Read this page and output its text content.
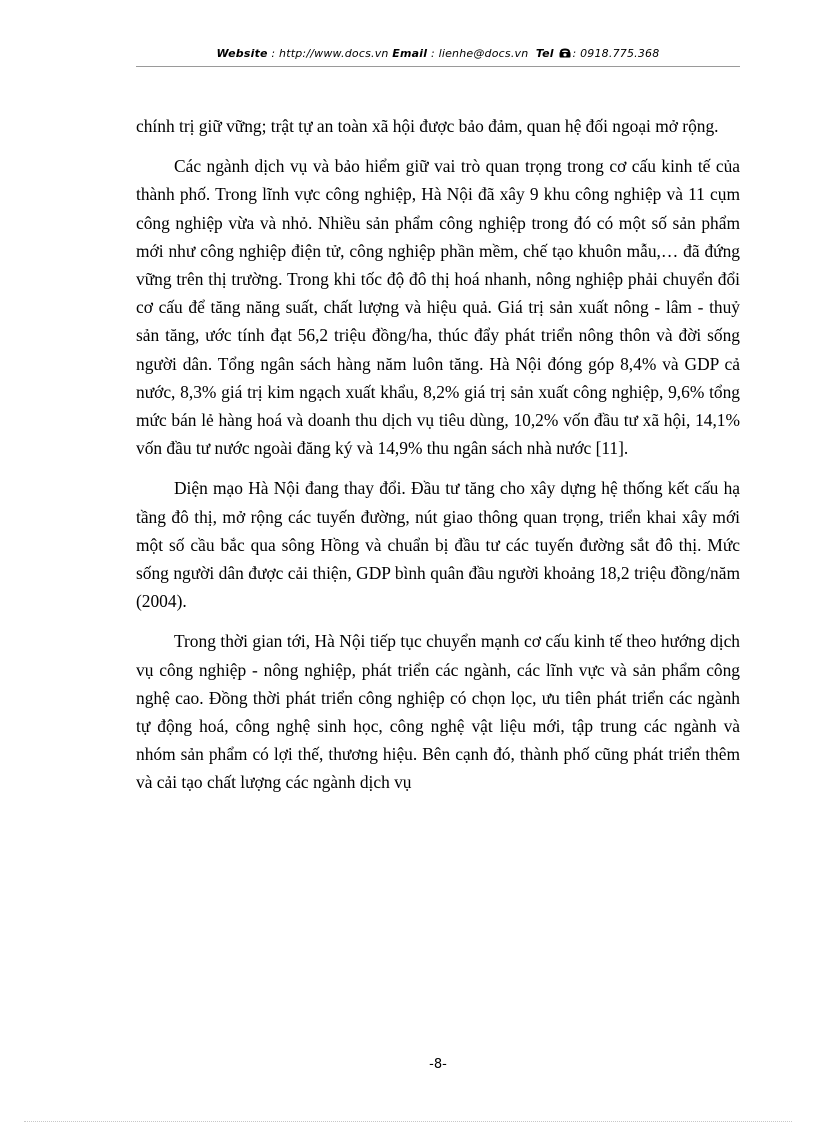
Website : http://www.docs.vn Email : lienhe@docs.vn Tel : 0918.775.368

chính trị giữ vững; trật tự an toàn xã hội được bảo đảm, quan hệ đối ngoại mở rộng.

Các ngành dịch vụ và bảo hiểm giữ vai trò quan trọng trong cơ cấu kinh tế của thành phố. Trong lĩnh vực công nghiệp, Hà Nội đã xây 9 khu công nghiệp và 11 cụm công nghiệp vừa và nhỏ. Nhiều sản phẩm công nghiệp trong đó có một số sản phẩm mới như công nghiệp điện tử, công nghiệp phần mềm, chế tạo khuôn mẫu,… đã đứng vững trên thị trường. Trong khi tốc độ đô thị hoá nhanh, nông nghiệp phải chuyển đổi cơ cấu để tăng năng suất, chất lượng và hiệu quả. Giá trị sản xuất nông - lâm - thuỷ sản tăng, ước tính đạt 56,2 triệu đồng/ha, thúc đẩy phát triển nông thôn và đời sống người dân. Tổng ngân sách hàng năm luôn tăng. Hà Nội đóng góp 8,4% và GDP cả nước, 8,3% giá trị kim ngạch xuất khẩu, 8,2% giá trị sản xuất công nghiệp, 9,6% tổng mức bán lẻ hàng hoá và doanh thu dịch vụ tiêu dùng, 10,2% vốn đầu tư xã hội, 14,1% vốn đầu tư nước ngoài đăng ký và 14,9% thu ngân sách nhà nước [11].

Diện mạo Hà Nội đang thay đổi. Đầu tư tăng cho xây dựng hệ thống kết cấu hạ tầng đô thị, mở rộng các tuyến đường, nút giao thông quan trọng, triển khai xây mới một số cầu bắc qua sông Hồng và chuẩn bị đầu tư các tuyến đường sắt đô thị. Mức sống người dân được cải thiện, GDP bình quân đầu người khoảng 18,2 triệu đồng/năm (2004).

Trong thời gian tới, Hà Nội tiếp tục chuyển mạnh cơ cấu kinh tế theo hướng dịch vụ công nghiệp - nông nghiệp, phát triển các ngành, các lĩnh vực và sản phẩm công nghệ cao. Đồng thời phát triển công nghiệp có chọn lọc, ưu tiên phát triển các ngành tự động hoá, công nghệ sinh học, công nghệ vật liệu mới, tập trung các ngành và nhóm sản phẩm có lợi thế, thương hiệu. Bên cạnh đó, thành phố cũng phát triển thêm và cải tạo chất lượng các ngành dịch vụ

-8-
